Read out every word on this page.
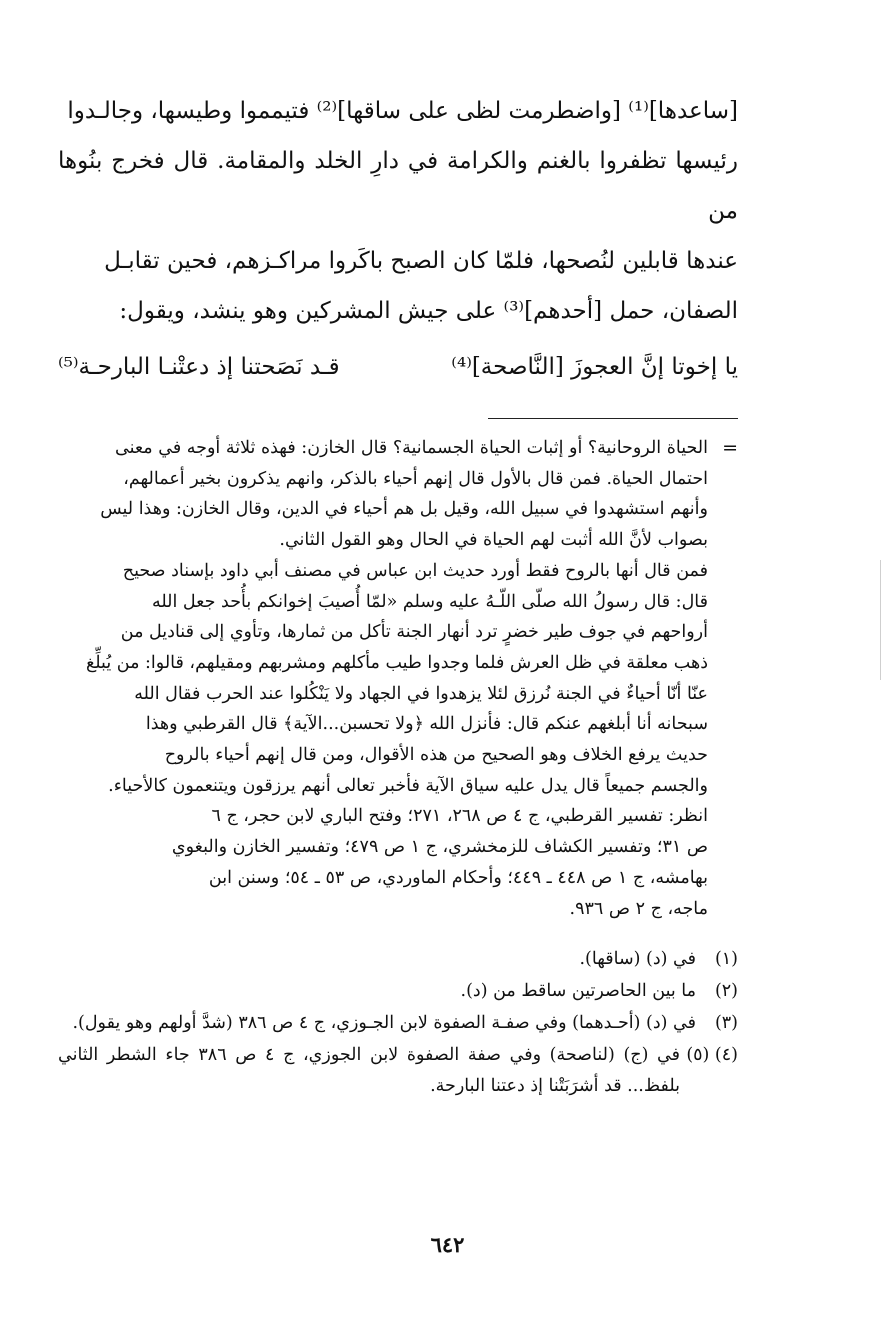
[ساعدها]⁽¹⁾ [واضطرمت لظى على ساقها]⁽²⁾ فتيمموا وطيسها، وجالـدوا

رئيسها تظفروا بالغنم والكرامة في دارِ الخلد والمقامة. قال فخرج بنُوها من

عندها قابلين لنُصحها، فلمّا كان الصبح باكَروا مراكـزهم، فحين تقابـل

الصفان، حمل [أحدهم]⁽³⁾ على جيش المشركين وهو ينشد، ويقول:

يا إخوتا إنَّ العجوزَ [النَّاصحة]⁽⁴⁾
قـد نَصَحتنا إذ دعتْنـا البارحـة⁽⁵⁾
=

الحياة الروحانية؟ أو إثبات الحياة الجسمانية؟ قال الخازن: فهذه ثلاثة أوجه في معنى

احتمال الحياة. فمن قال بالأول قال إنهم أحياء بالذكر، وانهم يذكرون بخير أعمالهم،

وأنهم استشهدوا في سبيل الله، وقيل بل هم أحياء في الدين، وقال الخازن: وهذا ليس

بصواب لأنَّ الله أثبت لهم الحياة في الحال وهو القول الثاني.

فمن قال أنها بالروح فقط أورد حديث ابن عباس في مصنف أبي داود بإسناد صحيح

قال: قال رسولُ الله صلّى اللّـهُ عليه وسلم «لمّا أُصيبَ إخوانكم بأُحد جعل الله

أرواحهم في جوف طير خضرٍ ترد أنهار الجنة تأكل من ثمارها، وتأوي إلى قناديل من

ذهب معلقة في ظل العرش فلما وجدوا طيب مأكلهم ومشربهم ومقيلهم، قالوا: من يُبلِّغ

عنّا أنّا أحياءٌ في الجنة نُرزق لئلا يزهدوا في الجهاد ولا يَنْكُلوا عند الحرب فقال الله

سبحانه أنا أبلغهم عنكم قال: فأنزل الله ﴿ولا تحسبن...الآية﴾ قال القرطبي وهذا

حديث يرفع الخلاف وهو الصحيح من هذه الأقوال، ومن قال إنهم أحياء بالروح

والجسم جميعاً قال يدل عليه سياق الآية فأخبر تعالى أنهم يرزقون ويتنعمون كالأحياء.

انظر: تفسير القرطبي، ج ٤ ص ٢٦٨، ٢٧١؛ وفتح الباري لابن حجر، ج ٦

ص ٣١؛ وتفسير الكشاف للزمخشري، ج ١ ص ٤٧٩؛ وتفسير الخازن والبغوي

بهامشه، ج ١ ص ٤٤٨ ـ ٤٤٩؛ وأحكام الماوردي، ص ٥٣ ـ ٥٤؛ وسنن ابن

ماجه، ج ٢ ص ٩٣٦.

(١)
في (د) (ساقها).
(٢)
ما بين الحاصرتين ساقط من (د).
(٣)
في (د) (أحـدهما) وفي صفـة الصفوة لابن الجـوزي، ج ٤ ص ٣٨٦ (شدَّ أولهم وهو يقول).
(٤) (٥)
في (ج) (لناصحة) وفي صفة الصفوة لابن الجوزي، ج ٤ ص ٣٨٦ جاء الشطر الثاني بلفظ... قد أشرَبَتْنا إذ دعتنا البارحة.
٦٤٢
